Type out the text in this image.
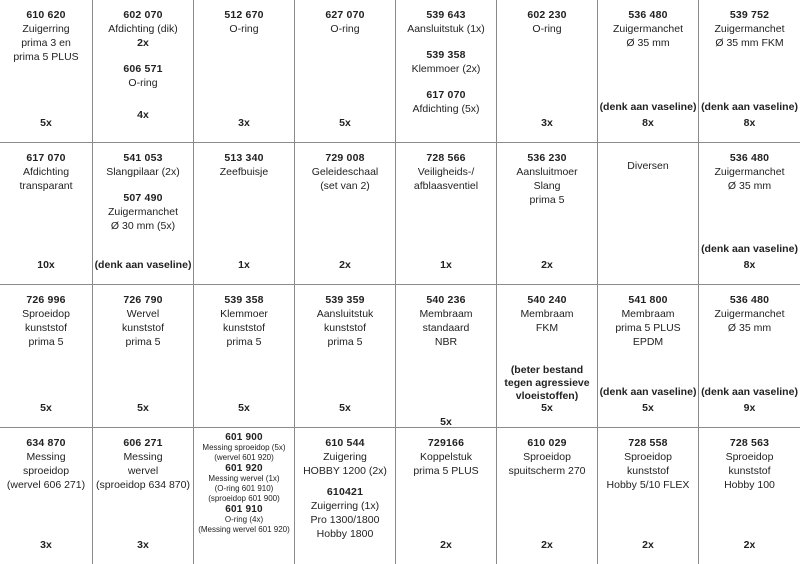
610 620
Zuigerring
prima 3 en
prima 5 PLUS
5x
602 070
Afdichting (dik)
2x
606 571
O-ring
4x
512 670
O-ring
3x
627 070
O-ring
5x
539 643
Aansluitstuk (1x)
539 358
Klemmoer (2x)
617 070
Afdichting (5x)
602 230
O-ring
3x
536 480
Zuigermanchet
Ø 35 mm
(denk aan vaseline)
8x
539 752
Zuigermanchet
Ø 35 mm FKM
(denk aan vaseline)
8x
617 070
Afdichting
transparant
10x
541 053
Slangpilaar (2x)
507 490
Zuigermanchet
Ø 30 mm (5x)
(denk aan vaseline)
513 340
Zeefbuisje
1x
729 008
Geleideschaal
(set van 2)
2x
728 566
Veiligheids-/
afblaasventiel
1x
536 230
Aansluitmoer
Slang
prima 5
2x
Diversen
536 480
Zuigermanchet
Ø 35 mm
(denk aan vaseline)
8x
726 996
Sproeidop
kunststof
prima 5
5x
726 790
Wervel
kunststof
prima 5
5x
539 358
Klemmoer
kunststof
prima 5
5x
539 359
Aansluitstuk
kunststof
prima 5
5x
540 236
Membraam
standaard
NBR
5x
540 240
Membraam
FKM
(beter bestand tegen agressieve vloeistoffen)
5x
541 800
Membraam
prima 5 PLUS
EPDM
(denk aan vaseline)
5x
536 480
Zuigermanchet
Ø 35 mm
(denk aan vaseline)
9x
634 870
Messing
sproeidop
(wervel 606 271)
3x
606 271
Messing
wervel
(sproeidop 634 870)
3x
601 900
Messing sproeidop (5x)
(wervel 601 920)
601 920
Messing wervel (1x)
(O-ring 601 910)
(sproeidop 601 900)
601 910
O-ring (4x)
(Messing wervel 601 920)
610 544
Zuigering
HOBBY 1200 (2x)
610421
Zuigerring (1x)
Pro 1300/1800
Hobby 1800
729166
Koppelstuk
prima 5 PLUS
2x
610 029
Sproeidop
spuitscherm 270
2x
728 558
Sproeidop
kunststof
Hobby 5/10 FLEX
2x
728 563
Sproeidop
kunststof
Hobby 100
2x
